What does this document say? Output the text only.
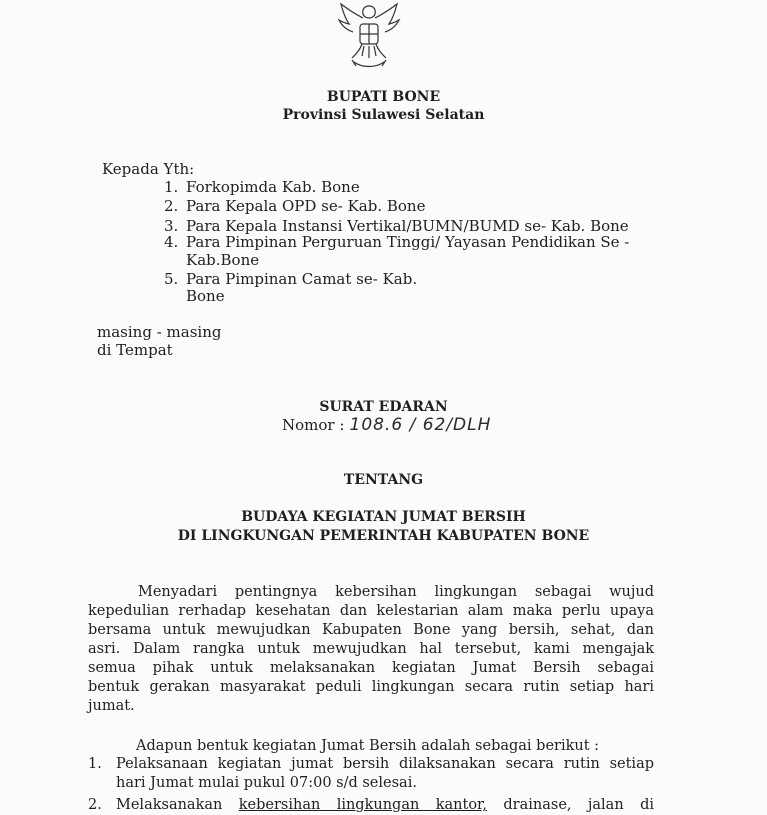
BUPATI BONE
Provinsi Sulawesi Selatan
Kepada Yth:
1. Forkopimda Kab. Bone
2. Para Kepala OPD se- Kab. Bone
3. Para Kepala Instansi Vertikal/BUMN/BUMD se- Kab. Bone
4. Para Pimpinan Perguruan Tinggi/ Yayasan Pendidikan Se -
Kab.Bone
5. Para Pimpinan Camat se- Kab.
Bone
masing - masing
di Tempat
SURAT EDARAN
Nomor : 108.6 / 62/DLH
TENTANG
BUDAYA KEGIATAN JUMAT BERSIH
DI LINGKUNGAN PEMERINTAH KABUPATEN BONE
Menyadari pentingnya kebersihan lingkungan sebagai wujud
kepedulian rerhadap kesehatan dan kelestarian alam maka perlu upaya
bersama untuk mewujudkan Kabupaten Bone yang bersih, sehat, dan
asri. Dalam rangka untuk mewujudkan hal tersebut, kami mengajak
semua pihak untuk melaksanakan kegiatan Jumat Bersih sebagai
bentuk gerakan masyarakat peduli lingkungan secara rutin setiap hari
jumat.
Adapun bentuk kegiatan Jumat Bersih adalah sebagai berikut :
1. Pelaksanaan kegiatan jumat bersih dilaksanakan secara rutin setiap
hari Jumat mulai pukul 07:00 s/d selesai.
2. Melaksanakan kebersihan lingkungan kantor, drainase, jalan di
